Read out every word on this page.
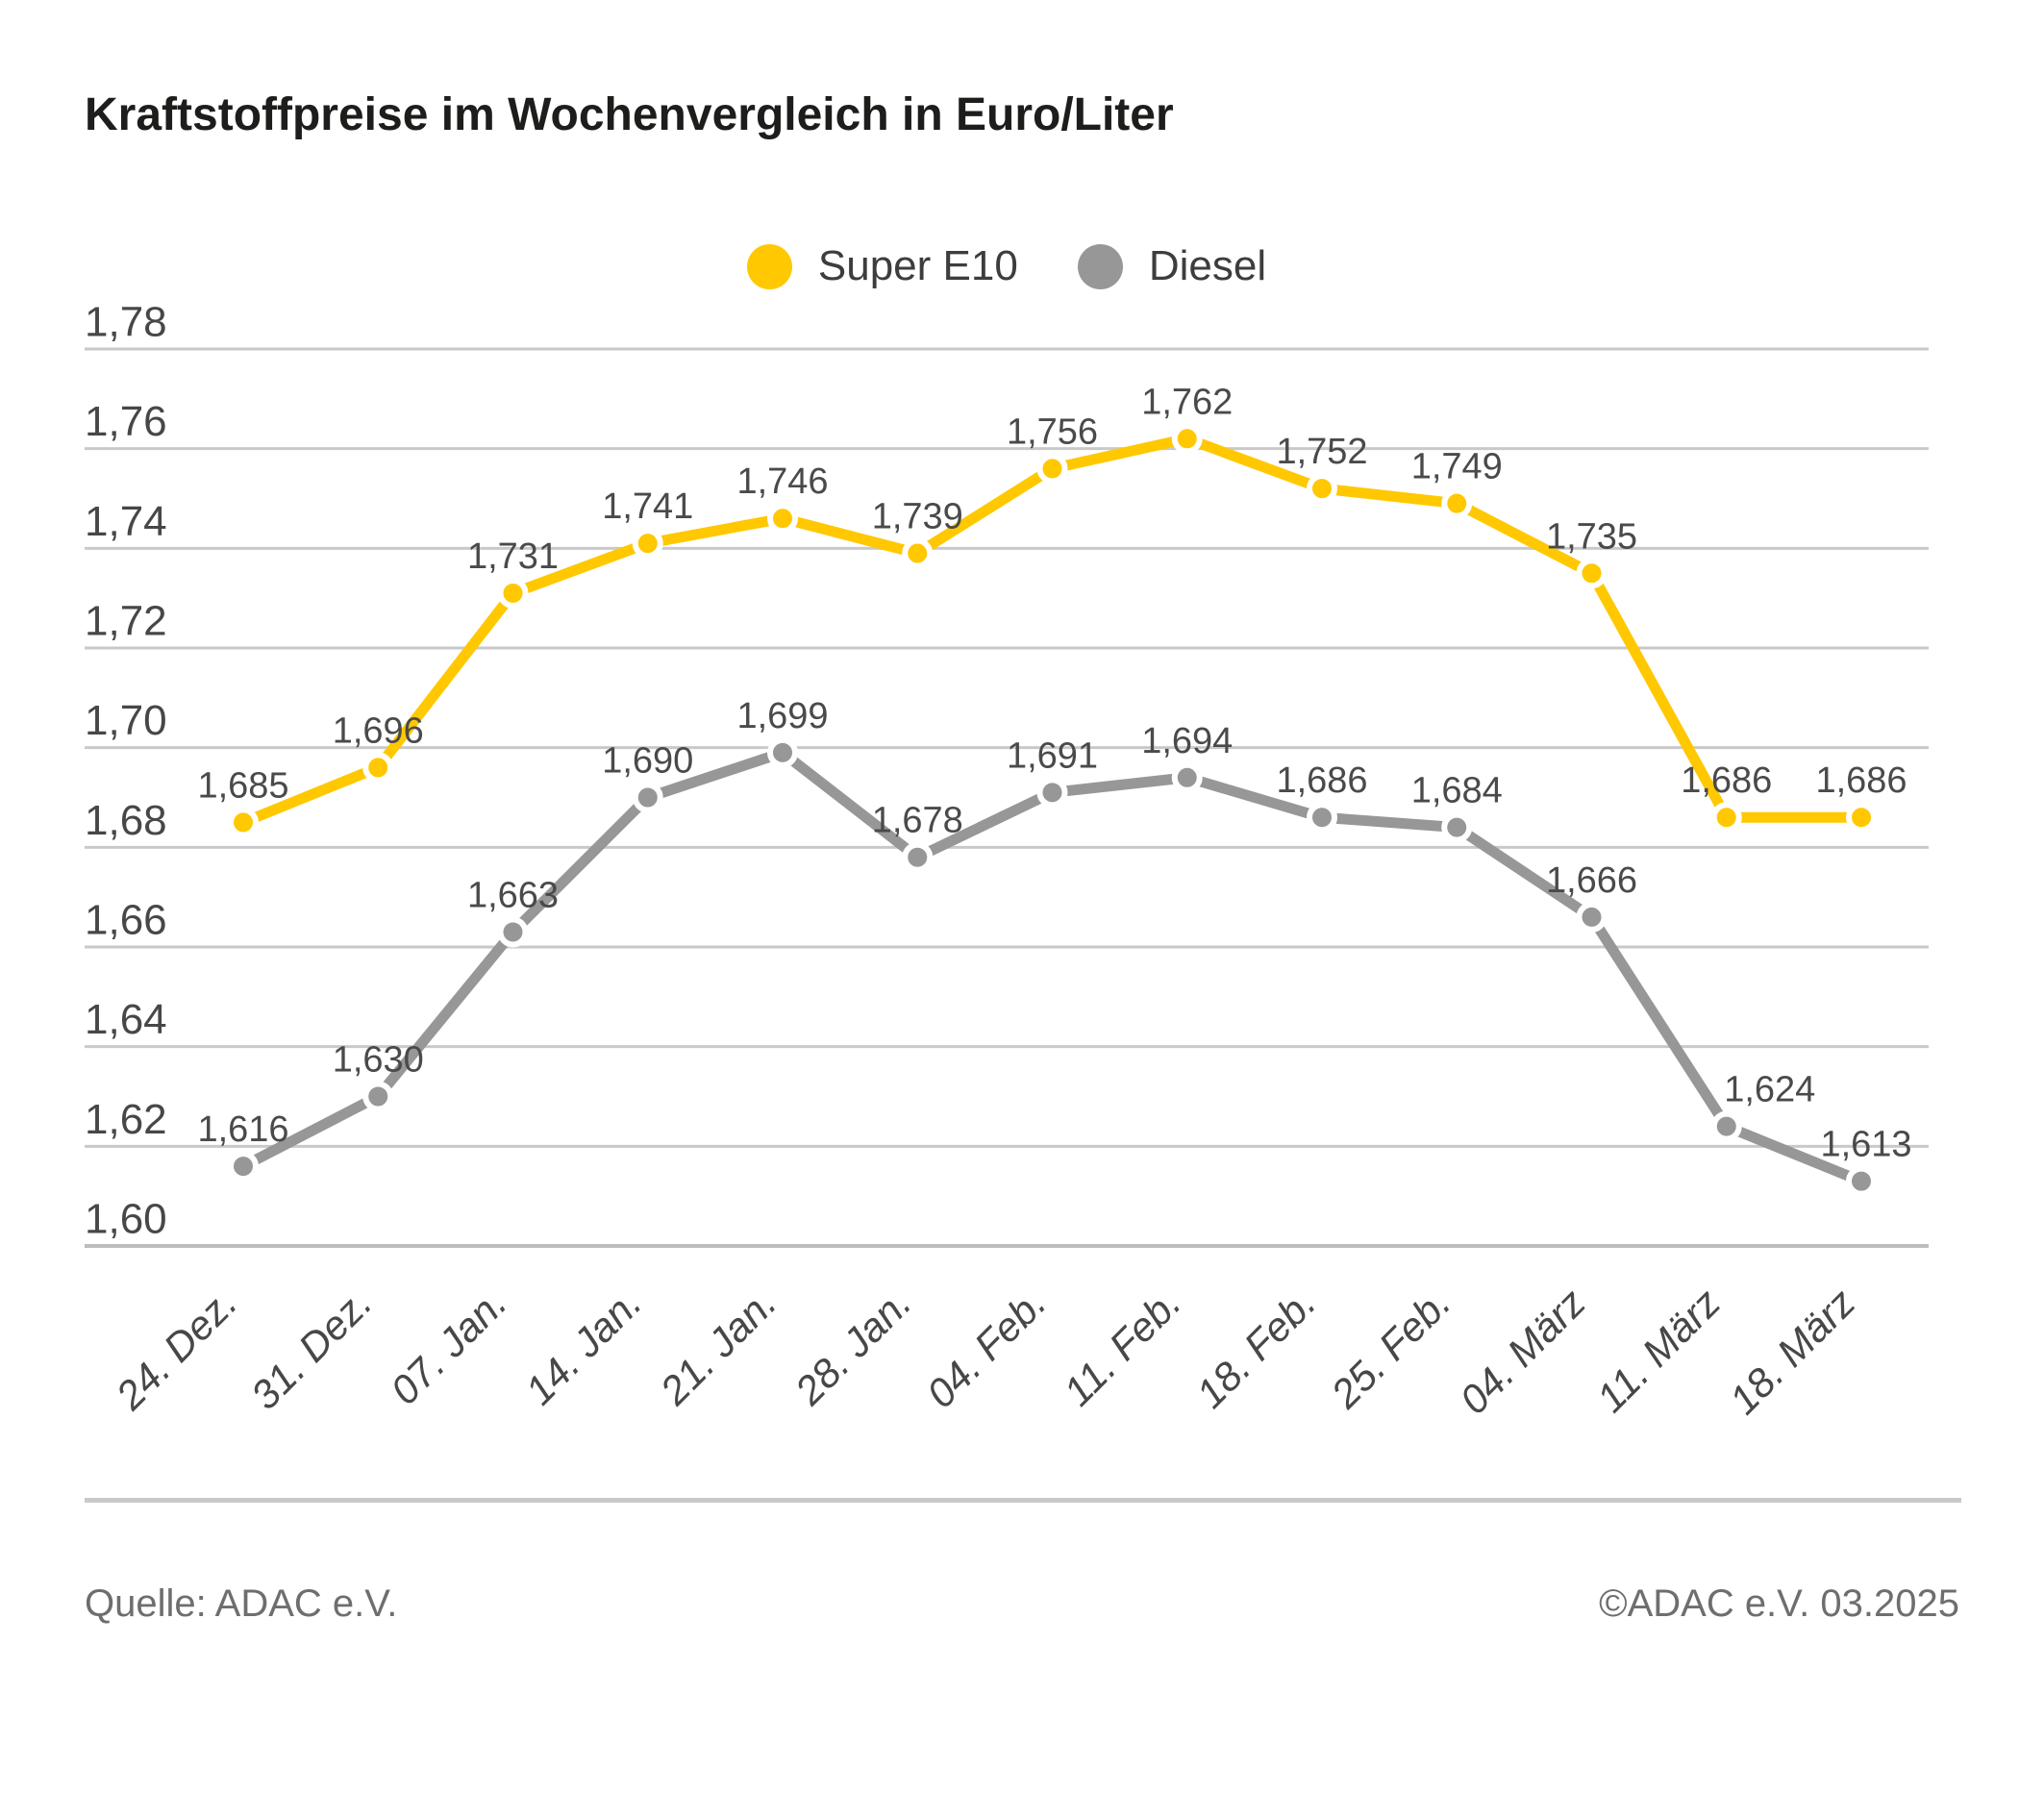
Kraftstoffpreise im Wochenvergleich in Euro/Liter
Super E10	Diesel
1,60
1,62
1,64
1,66
1,68
1,70
1,72
1,74
1,76
1,78
1,685
1,696
1,731
1,741
1,746
1,739
1,756
1,762
1,752 1,749
1,735
1,686 1,686
1,616
1,630
1,663
1,690
1,699
1,678
1,691 1,694
1,686 1,684
1,666
1,624
1,613
24. Dez.
31. Dez. 07. Jan. 14. Jan. 21. Jan. 28. Jan.
04. Feb. 11. Feb.
18. Feb.
25. Feb.
04. März
11. März
18. März
Quelle: ADAC e.V.	©ADAC e.V. 03.2025
